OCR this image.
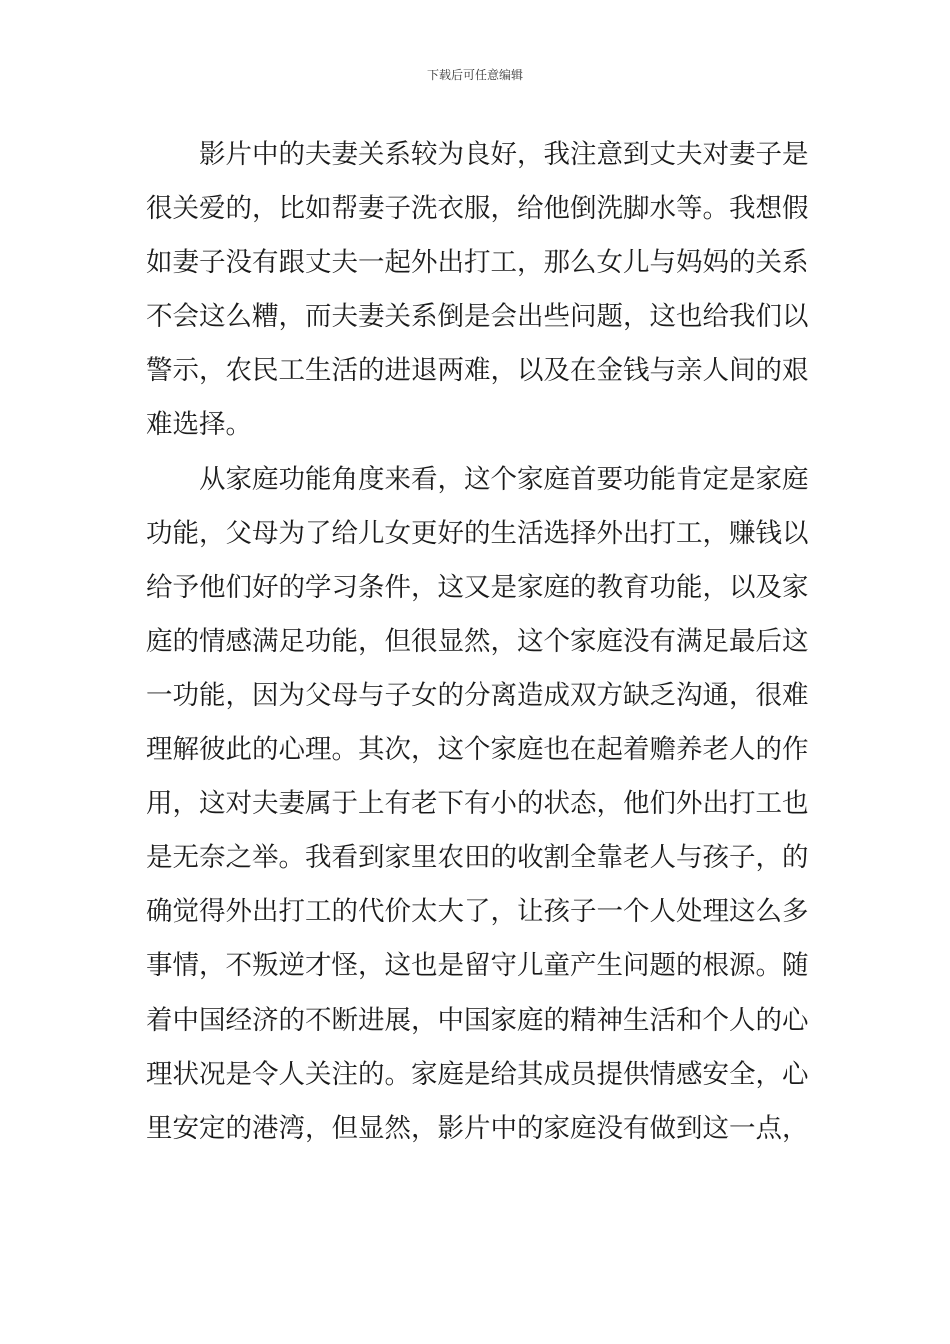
下载后可任意编辑
影片中的夫妻关系较为良好，我注意到丈夫对妻子是
很关爱的，比如帮妻子洗衣服，给他倒洗脚水等。我想假
如妻子没有跟丈夫一起外出打工，那么女儿与妈妈的关系
不会这么糟，而夫妻关系倒是会出些问题，这也给我们以
警示，农民工生活的进退两难，以及在金钱与亲人间的艰
难选择。
从家庭功能角度来看，这个家庭首要功能肯定是家庭
功能，父母为了给儿女更好的生活选择外出打工，赚钱以
给予他们好的学习条件，这又是家庭的教育功能，以及家
庭的情感满足功能，但很显然，这个家庭没有满足最后这
一功能，因为父母与子女的分离造成双方缺乏沟通，很难
理解彼此的心理。其次，这个家庭也在起着赡养老人的作
用，这对夫妻属于上有老下有小的状态，他们外出打工也
是无奈之举。我看到家里农田的收割全靠老人与孩子，的
确觉得外出打工的代价太大了，让孩子一个人处理这么多
事情，不叛逆才怪，这也是留守儿童产生问题的根源。随
着中国经济的不断进展，中国家庭的精神生活和个人的心
理状况是令人关注的。家庭是给其成员提供情感安全，心
里安定的港湾，但显然，影片中的家庭没有做到这一点，
